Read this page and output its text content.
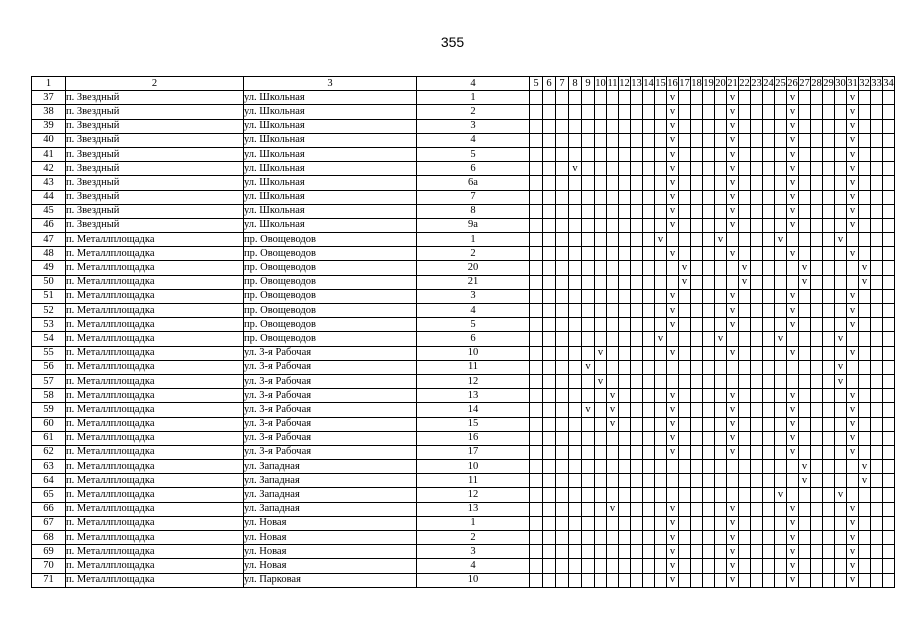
355
1	2	3	4	5	6	7	8	9	10	11	12	13	14	15	16	17	18	19	20	21	22	23	24	25	26	27	28	29	30	31	32	33	34
37	п. Звездный	ул. Школьная	1												v					v					v					v			
38	п. Звездный	ул. Школьная	2												v					v					v					v			
39	п. Звездный	ул. Школьная	3												v					v					v					v			
40	п. Звездный	ул. Школьная	4												v					v					v					v			
41	п. Звездный	ул. Школьная	5												v					v					v					v			
42	п. Звездный	ул. Школьная	6				v								v					v					v					v			
43	п. Звездный	ул. Школьная	6а												v					v					v					v			
44	п. Звездный	ул. Школьная	7												v					v					v					v			
45	п. Звездный	ул. Школьная	8												v					v					v					v			
46	п. Звездный	ул. Школьная	9а												v					v					v					v			
47	п. Металлплощадка	пр. Овощеводов	1											v					v					v					v				
48	п. Металлплощадка	пр. Овощеводов	2												v					v					v					v			
49	п. Металлплощадка	пр. Овощеводов	20													v					v					v					v		
50	п. Металлплощадка	пр. Овощеводов	21													v					v					v					v		
51	п. Металлплощадка	пр. Овощеводов	3												v					v					v					v			
52	п. Металлплощадка	пр. Овощеводов	4												v					v					v					v			
53	п. Металлплощадка	пр. Овощеводов	5												v					v					v					v			
54	п. Металлплощадка	пр. Овощеводов	6											v					v					v					v				
55	п. Металлплощадка	ул. 3-я Рабочая	10						v						v					v					v					v			
56	п. Металлплощадка	ул. 3-я Рабочая	11					v																					v				
57	п. Металлплощадка	ул. 3-я Рабочая	12						v																				v				
58	п. Металлплощадка	ул. 3-я Рабочая	13							v					v					v					v					v			
59	п. Металлплощадка	ул. 3-я Рабочая	14					v		v					v					v					v					v			
60	п. Металлплощадка	ул. 3-я Рабочая	15							v					v					v					v					v			
61	п. Металлплощадка	ул. 3-я Рабочая	16												v					v					v					v			
62	п. Металлплощадка	ул. 3-я Рабочая	17												v					v					v					v			
63	п. Металлплощадка	ул. Западная	10																							v					v		
64	п. Металлплощадка	ул. Западная	11																							v					v		
65	п. Металлплощадка	ул. Западная	12																					v					v				
66	п. Металлплощадка	ул. Западная	13							v					v					v					v					v			
67	п. Металлплощадка	ул. Новая	1												v					v					v					v			
68	п. Металлплощадка	ул. Новая	2												v					v					v					v			
69	п. Металлплощадка	ул. Новая	3												v					v					v					v			
70	п. Металлплощадка	ул. Новая	4												v					v					v					v			
71	п. Металлплощадка	ул. Парковая	10												v					v					v					v			
